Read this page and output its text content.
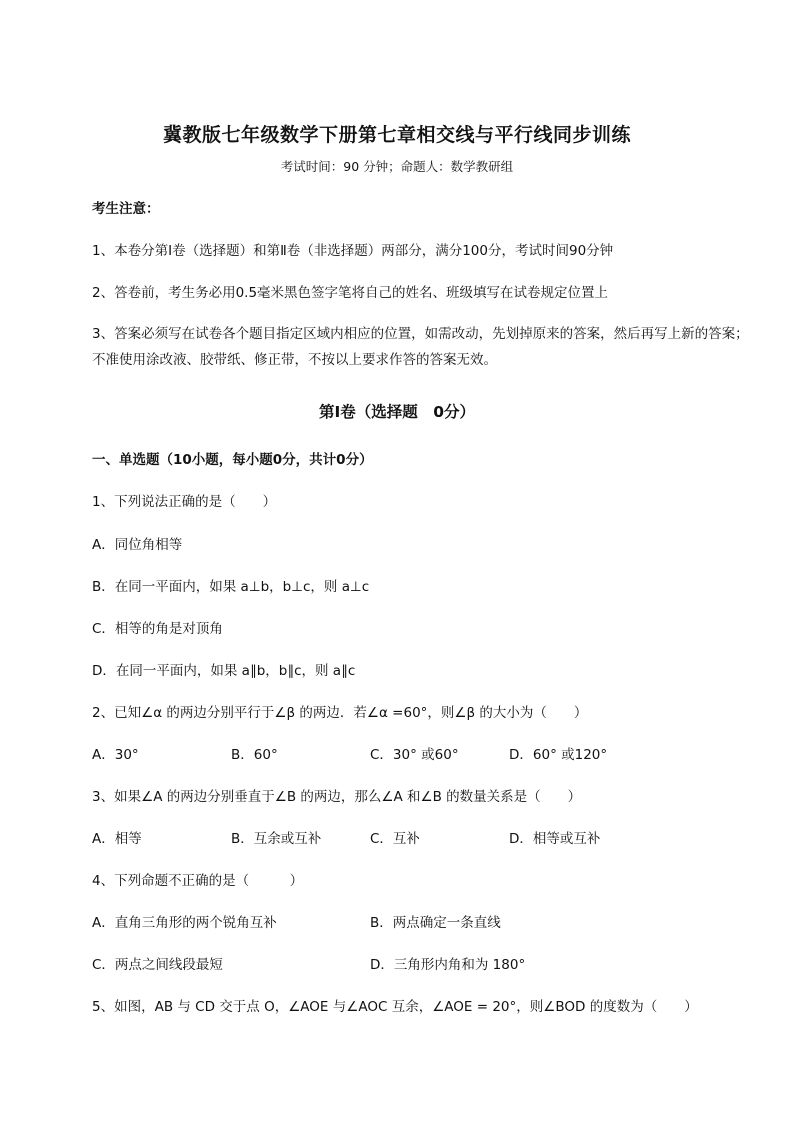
冀教版七年级数学下册第七章相交线与平行线同步训练
考试时间：90 分钟；命题人：数学教研组
考生注意：
1、本卷分第Ⅰ卷（选择题）和第Ⅱ卷（非选择题）两部分，满分100分，考试时间90分钟
2、答卷前，考生务必用0.5毫米黑色签字笔将自己的姓名、班级填写在试卷规定位置上
3、答案必须写在试卷各个题目指定区域内相应的位置，如需改动，先划掉原来的答案，然后再写上新的答案；不准使用涂改液、胶带纸、修正带，不按以上要求作答的答案无效。
第Ⅰ卷（选择题　0分）
一、单选题（10小题，每小题0分，共计0分）
1、下列说法正确的是（　　）
A．同位角相等
B．在同一平面内，如果 a⊥b，b⊥c，则 a⊥c
C．相等的角是对顶角
D．在同一平面内，如果 a∥b，b∥c，则 a∥c
2、已知∠α 的两边分别平行于∠β 的两边．若∠α =60°，则∠β 的大小为（　　）
A．30°	B．60°	C．30° 或60°	D．60° 或120°
3、如果∠A 的两边分别垂直于∠B 的两边，那么∠A 和∠B 的数量关系是（　　）
A．相等	B．互余或互补	C．互补	D．相等或互补
4、下列命题不正确的是（　　　）
A．直角三角形的两个锐角互补	B．两点确定一条直线
C．两点之间线段最短	D．三角形内角和为 180°
5、如图，AB 与 CD 交于点 O，∠AOE 与∠AOC 互余，∠AOE = 20°，则∠BOD 的度数为（　　）
